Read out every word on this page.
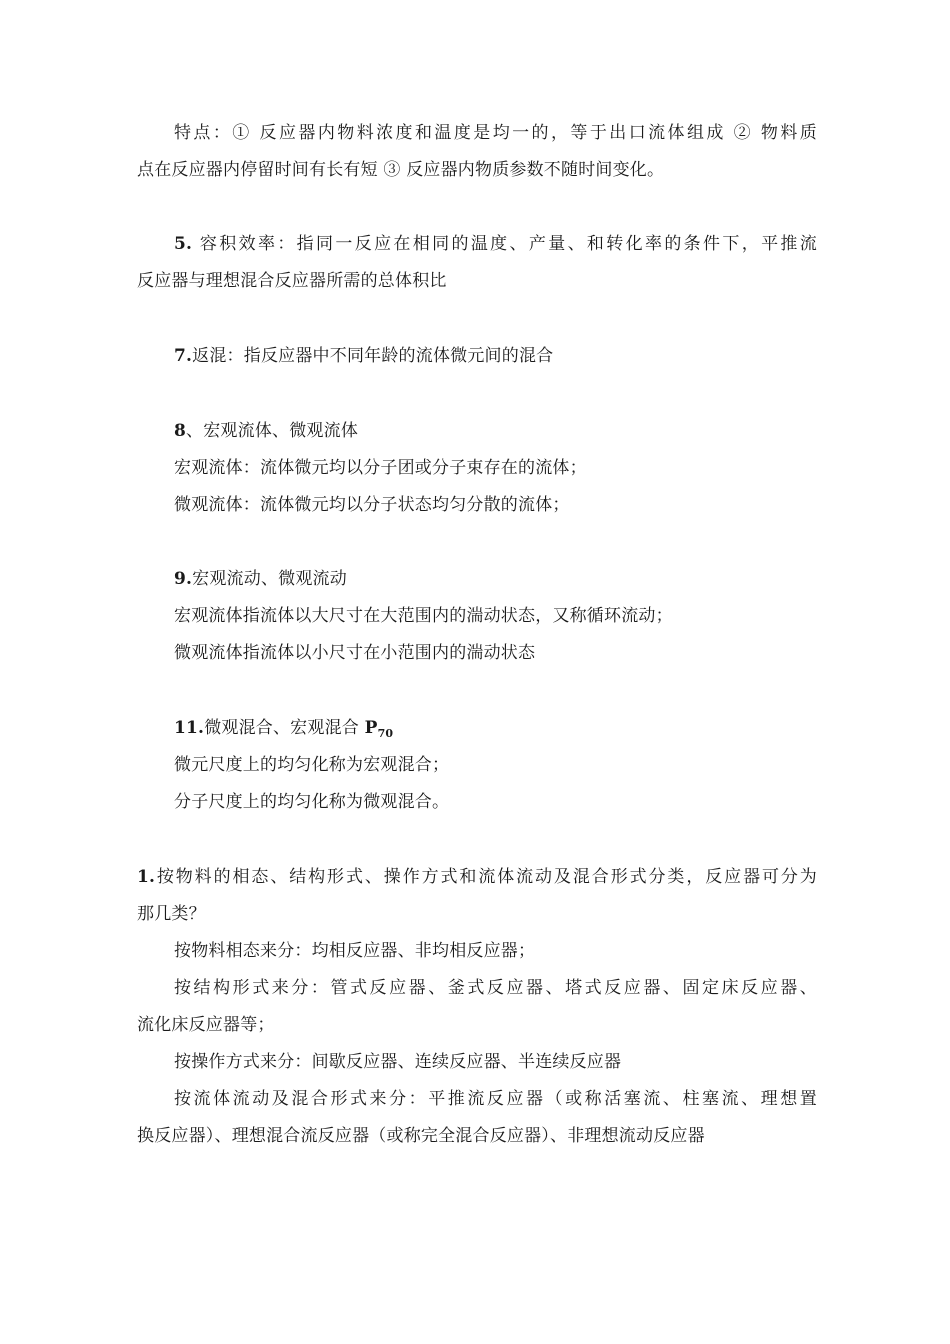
特点：① 反应器内物料浓度和温度是均一的，等于出口流体组成 ② 物料质
点在反应器内停留时间有长有短 ③ 反应器内物质参数不随时间变化。
5. 容积效率：指同一反应在相同的温度、产量、和转化率的条件下，平推流
反应器与理想混合反应器所需的总体积比
7.返混：指反应器中不同年龄的流体微元间的混合
8、宏观流体、微观流体
宏观流体：流体微元均以分子团或分子束存在的流体；
微观流体：流体微元均以分子状态均匀分散的流体；
9.宏观流动、微观流动
宏观流体指流体以大尺寸在大范围内的湍动状态，又称循环流动；
微观流体指流体以小尺寸在小范围内的湍动状态
11.微观混合、宏观混合 $P_{70}$
微元尺度上的均匀化称为宏观混合；
分子尺度上的均匀化称为微观混合。
1.按物料的相态、结构形式、操作方式和流体流动及混合形式分类，反应器可分为
那几类？
按物料相态来分：均相反应器、非均相反应器；
按结构形式来分：管式反应器、釜式反应器、塔式反应器、固定床反应器、
流化床反应器等；
按操作方式来分：间歇反应器、连续反应器、半连续反应器
按流体流动及混合形式来分：平推流反应器（或称活塞流、柱塞流、理想置
换反应器）、理想混合流反应器（或称完全混合反应器）、非理想流动反应器
